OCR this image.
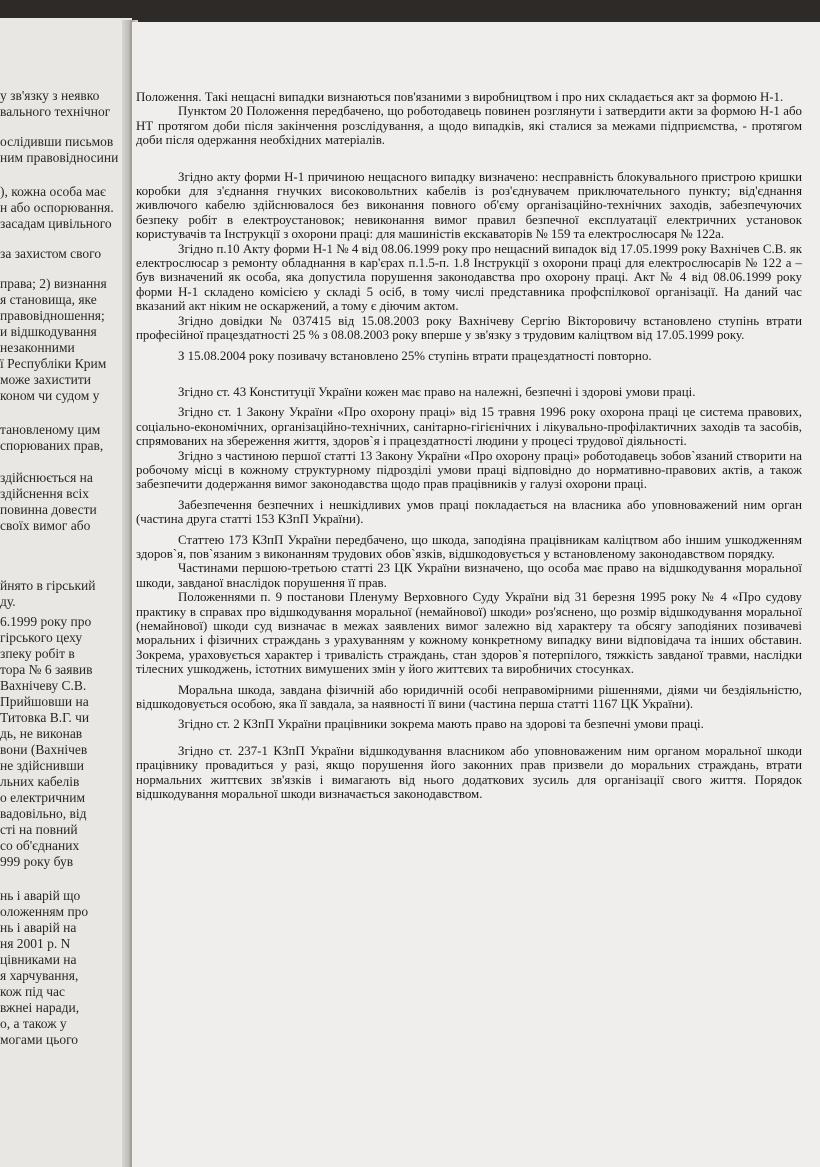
у зв'язку з неявко
вального технічног
ослідивши письмов
ним правовідносини
), кожна особа має
н або оспорювання.
засадам цивільного
за захистом свого
права; 2) визнання
я становища, яке
правовідношення;
и відшкодування
незаконними
ї Республіки Крим
може захистити
коном чи судом у
тановленому цим
спорюваних прав,
здійснюється на
здійснення всіх
повинна довести
своїх вимог або
йнято в гірський
ду.
6.1999 року про
гірського цеху
зпеку робіт в
тора № 6 заявив
Вахнічеву С.В.
Прийшовши на
Титовка В.Г. чи
дь, не виконав
вони (Вахнічев
не здійснивши
льних кабелів
о електричним
вадовільно, від
сті на повний
со об'єднаних
999 року був
нь і аварій що
оложенням про
нь і аварій на
ня 2001 р. N
цівниками на
я харчування,
кож під час
вжнеі наради,
о, а також у
могами цього

Положення. Такі нещасні випадки визнаються пов'язаними з виробництвом і про них складається акт за формою Н-1.

Пунктом 20 Положення передбачено, що роботодавець повинен розглянути і затвердити акти за формою Н-1 або НТ протягом доби після закінчення розслідування, а щодо випадків, які сталися за межами підприємства, - протягом доби після одержання необхідних матеріалів.

Згідно акту форми Н-1 причиною нещасного випадку визначено: несправність блокувального пристрою кришки коробки для з'єднання гнучких високовольтних кабелів із роз'єднувачем приключательного пункту; від'єднання живлючого кабелю здійснювалося без виконання повного об'єму організаційно-технічних заходів, забезпечуючих безпеку робіт в електроустановок; невиконання вимог правил безпечної експлуатації електричних установок користувачів та Інструкції з охорони праці: для машиністів екскаваторів № 159 та електрослюсаря № 122а.

Згідно п.10 Акту форми Н-1 № 4 від 08.06.1999 року про нещасний випадок від 17.05.1999 року Вахнічев С.В. як електрослюсар з ремонту обладнання в кар'єрах п.1.5-п. 1.8 Інструкції з охорони праці для електрослюсарів № 122 а – був визначений як особа, яка допустила порушення законодавства про охорону праці. Акт № 4 від 08.06.1999 року форми Н-1 складено комісією у складі 5 осіб, в тому числі представника профспілкової організації. На даний час вказаний акт ніким не оскаржений, а тому є діючим актом.

Згідно довідки № 037415 від 15.08.2003 року Вахнічеву Сергію Вікторовичу встановлено ступінь втрати професійної працездатності 25 % з 08.08.2003 року вперше у зв'язку з трудовим каліцтвом від 17.05.1999 року.

З 15.08.2004 року позивачу встановлено 25% ступінь втрати працездатності повторно.

Згідно ст. 43 Конституції України кожен має право на належні, безпечні і здорові умови праці.

Згідно ст. 1 Закону України «Про охорону праці» від 15 травня 1996 року охорона праці це система правових, соціально-економічних, організаційно-технічних, санітарно-гігієнічних і лікувально-профілактичних заходів та засобів, спрямованих на збереження життя, здоров`я і працездатності людини у процесі трудової діяльності.

Згідно з частиною першої статті 13 Закону України «Про охорону праці» роботодавець зобов`язаний створити на робочому місці в кожному структурному підрозділі умови праці відповідно до нормативно-правових актів, а також забезпечити додержання вимог законодавства щодо прав працівників у галузі охорони праці.

Забезпечення безпечних і нешкідливих умов праці покладається на власника або уповноважений ним орган (частина друга статті 153 КЗпП України).

Статтею 173 КЗпП України передбачено, що шкода, заподіяна працівникам каліцтвом або іншим ушкодженням здоров`я, пов`язаним з виконанням трудових обов`язків, відшкодовується у встановленому законодавством порядку.

Частинами першою-третьою статті 23 ЦК України визначено, що особа має право на відшкодування моральної шкоди, завданої внаслідок порушення її прав.

Положеннями п. 9 постанови Пленуму Верховного Суду України від 31 березня 1995 року № 4 «Про судову практику в справах про відшкодування моральної (немайнової) шкоди» роз'яснено, що розмір відшкодування моральної (немайнової) шкоди суд визначає в межах заявлених вимог залежно від характеру та обсягу заподіяних позивачеві моральних і фізичних страждань з урахуванням у кожному конкретному випадку вини відповідача та інших обставин. Зокрема, ураховується характер і тривалість страждань, стан здоров`я потерпілого, тяжкість завданої травми, наслідки тілесних ушкоджень, істотних вимушених змін у його життєвих та виробничих стосунках.

Моральна шкода, завдана фізичній або юридичній особі неправомірними рішеннями, діями чи бездіяльністю, відшкодовується особою, яка її завдала, за наявності її вини (частина перша статті 1167 ЦК України).

Згідно ст. 2 КЗпП України працівники зокрема мають право на здорові та безпечні умови праці.

Згідно ст. 237-1 КЗпП України відшкодування власником або уповноваженим ним органом моральної шкоди працівнику провадиться у разі, якщо порушення його законних прав призвели до моральних страждань, втрати нормальних життєвих зв'язків і вимагають від нього додаткових зусиль для організації свого життя. Порядок відшкодування моральної шкоди визначається законодавством.
